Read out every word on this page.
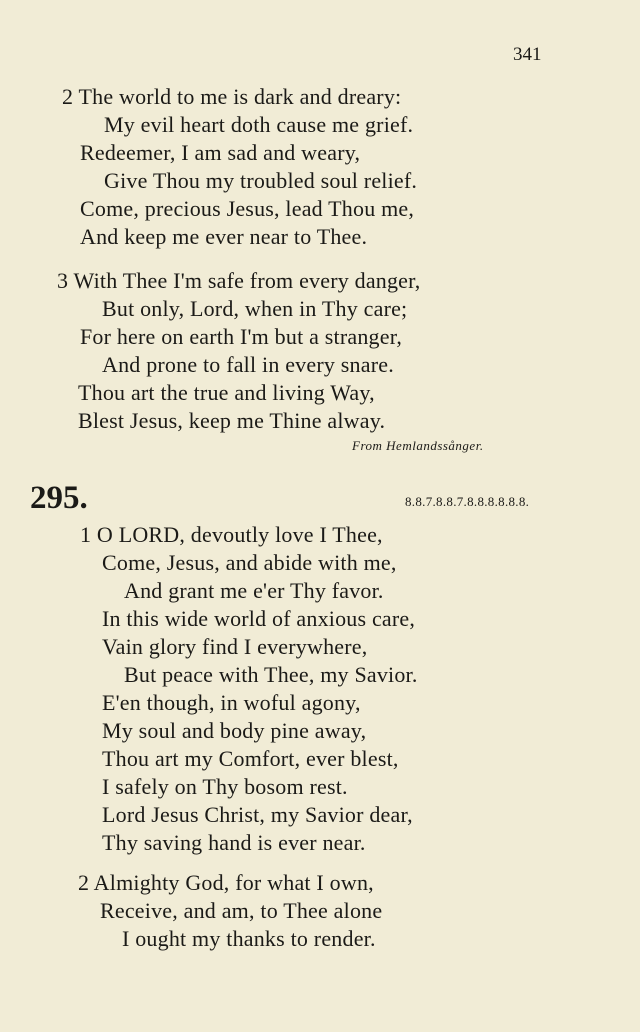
341
2 The world to me is dark and dreary:
My evil heart doth cause me grief.
Redeemer, I am sad and weary,
Give Thou my troubled soul relief.
Come, precious Jesus, lead Thou me,
And keep me ever near to Thee.
3 With Thee I'm safe from every danger,
But only, Lord, when in Thy care;
For here on earth I'm but a stranger,
And prone to fall in every snare.
Thou art the true and living Way,
Blest Jesus, keep me Thine alway.
From Hemlandssånger.
295.	8.8.7.8.8.7.8.8.8.8.8.8.
1 O LORD, devoutly love I Thee,
Come, Jesus, and abide with me,
And grant me e'er Thy favor.
In this wide world of anxious care,
Vain glory find I everywhere,
But peace with Thee, my Savior.
E'en though, in woful agony,
My soul and body pine away,
Thou art my Comfort, ever blest,
I safely on Thy bosom rest.
Lord Jesus Christ, my Savior dear,
Thy saving hand is ever near.
2 Almighty God, for what I own,
Receive, and am, to Thee alone
I ought my thanks to render.
